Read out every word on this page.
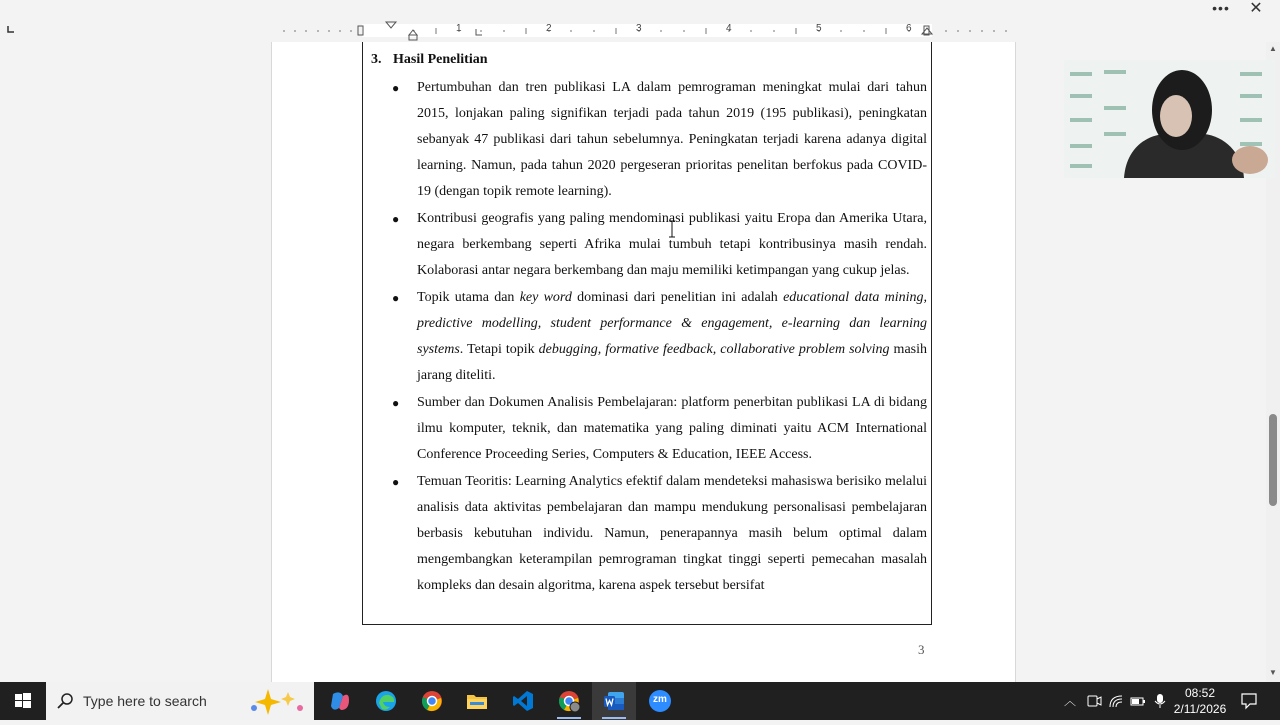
••• ✕
1	2	3	4	5	6
3. Hasil Penelitian
● Pertumbuhan dan tren publikasi LA dalam pemrograman meningkat mulai dari tahun 2015, lonjakan paling signifikan terjadi pada tahun 2019 (195 publikasi), peningkatan sebanyak 47 publikasi dari tahun sebelumnya. Peningkatan terjadi karena adanya digital learning. Namun, pada tahun 2020 pergeseran prioritas penelitan berfokus pada COVID-19 (dengan topik remote learning).
● Kontribusi geografis yang paling mendominasi publikasi yaitu Eropa dan Amerika Utara, negara berkembang seperti Afrika mulai tumbuh tetapi kontribusinya masih rendah. Kolaborasi antar negara berkembang dan maju memiliki ketimpangan yang cukup jelas.
● Topik utama dan key word dominasi dari penelitian ini adalah educational data mining, predictive modelling, student performance & engagement, e-learning dan learning systems. Tetapi topik debugging, formative feedback, collaborative problem solving masih jarang diteliti.
● Sumber dan Dokumen Analisis Pembelajaran: platform penerbitan publikasi LA di bidang ilmu komputer, teknik, dan matematika yang paling diminati yaitu ACM International Conference Proceeding Series, Computers & Education, IEEE Access.
● Temuan Teoritis: Learning Analytics efektif dalam mendeteksi mahasiswa berisiko melalui analisis data aktivitas pembelajaran dan mampu mendukung personalisasi pembelajaran berbasis kebutuhan individu. Namun, penerapannya masih belum optimal dalam mengembangkan keterampilan pemrograman tingkat tinggi seperti pemecahan masalah kompleks dan desain algoritma, karena aspek tersebut bersifat
3
▲
▼
Type here to search	zm	︿
08:52
2/11/2026
